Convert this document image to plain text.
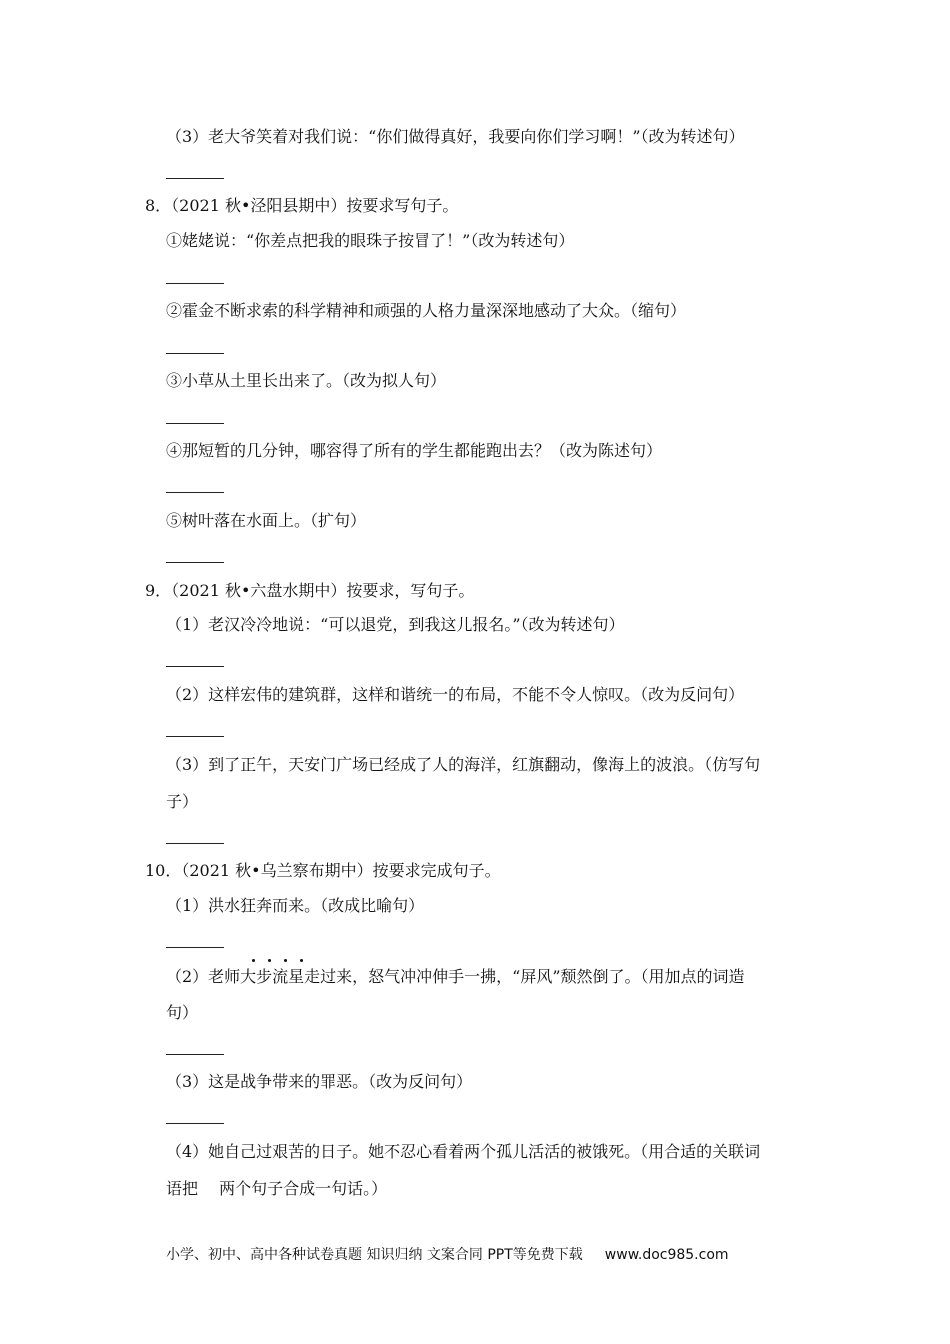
（3）老大爷笑着对我们说：“你们做得真好，我要向你们学习啊！”（改为转述句）
8．（2021 秋•泾阳县期中）按要求写句子。
①姥姥说：“你差点把我的眼珠子按冒了！”（改为转述句）
②霍金不断求索的科学精神和顽强的人格力量深深地感动了大众。（缩句）
③小草从土里长出来了。（改为拟人句）
④那短暂的几分钟，哪容得了所有的学生都能跑出去？（改为陈述句）
⑤树叶落在水面上。（扩句）
9．（2021 秋•六盘水期中）按要求，写句子。
（1）老汉冷冷地说：“可以退党，到我这儿报名。”（改为转述句）
（2）这样宏伟的建筑群，这样和谐统一的布局，不能不令人惊叹。（改为反问句）
（3）到了正午，天安门广场已经成了人的海洋，红旗翻动，像海上的波浪。（仿写句
子）
10．（2021 秋•乌兰察布期中）按要求完成句子。
（1）洪水狂奔而来。（改成比喻句）
（2）老师大步流星走过来，怒气冲冲伸手一拂，“屏风”颓然倒了。（用加点的词造
句）
（3）这是战争带来的罪恶。（改为反问句）
（4）她自己过艰苦的日子。她不忍心看着两个孤儿活活的被饿死。（用合适的关联词
语把　 两个句子合成一句话。）
小学、初中、高中各种试卷真题 知识归纳 文案合同 PPT等免费下载 www.doc985.com
